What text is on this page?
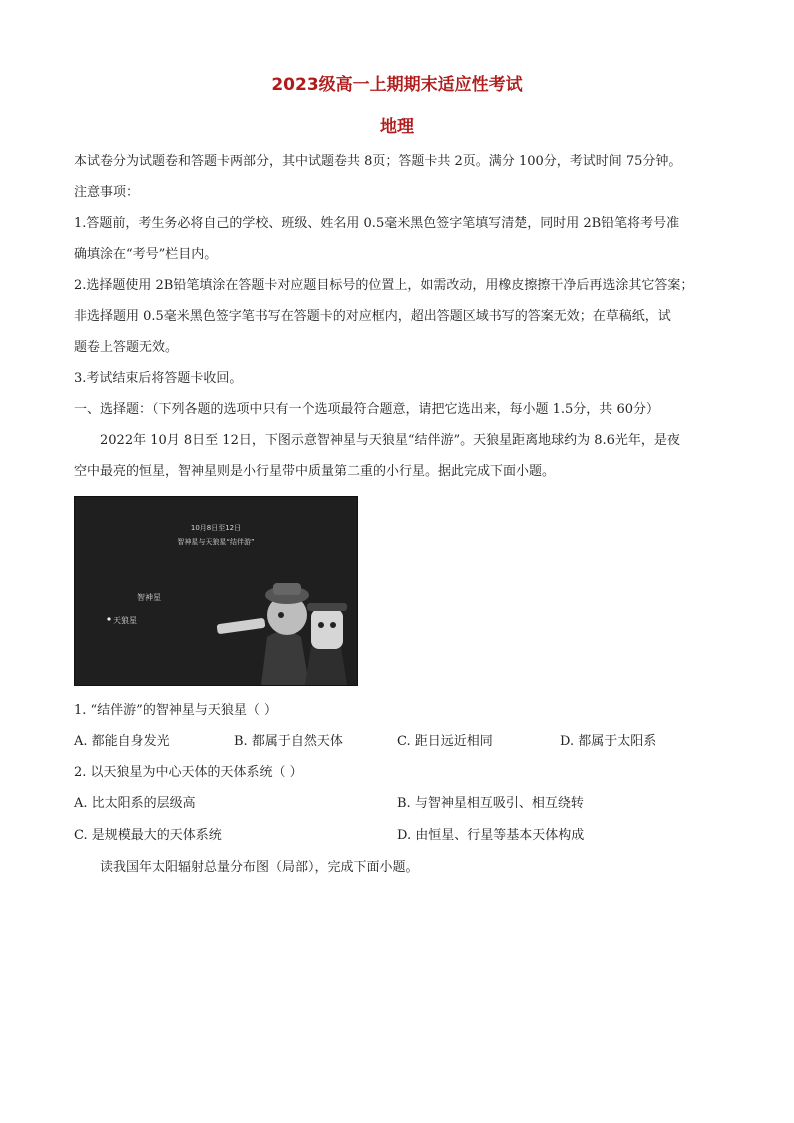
2023级高一上期期末适应性考试
地理
本试卷分为试题卷和答题卡两部分，其中试题卷共 8页；答题卡共 2页。满分 100分，考试时间 75分钟。
注意事项：
1.答题前，考生务必将自己的学校、班级、姓名用 0.5毫米黑色签字笔填写清楚，同时用 2B铅笔将考号准
确填涂在“考号”栏目内。
2.选择题使用 2B铅笔填涂在答题卡对应题目标号的位置上，如需改动，用橡皮擦擦干净后再选涂其它答案；
非选择题用 0.5毫米黑色签字笔书写在答题卡的对应框内，超出答题区域书写的答案无效；在草稿纸，试
题卷上答题无效。
3.考试结束后将答题卡收回。
一、选择题：（下列各题的选项中只有一个选项最符合题意，请把它选出来，每小题 1.5分，共 60分）
2022年 10月 8日至 12日，下图示意智神星与天狼星“结伴游”。天狼星距离地球约为 8.6光年，是夜
空中最亮的恒星，智神星则是小行星带中质量第二重的小行星。据此完成下面小题。
10月8日至12日
智神星与天狼星“结伴游”
智神星
天狼星
1. “结伴游”的智神星与天狼星（ ）
A. 都能自身发光	B. 都属于自然天体	C. 距日远近相同	D. 都属于太阳系
2. 以天狼星为中心天体的天体系统（ ）
A. 比太阳系的层级高	B. 与智神星相互吸引、相互绕转
C. 是规模最大的天体系统	D. 由恒星、行星等基本天体构成
读我国年太阳辐射总量分布图（局部），完成下面小题。
